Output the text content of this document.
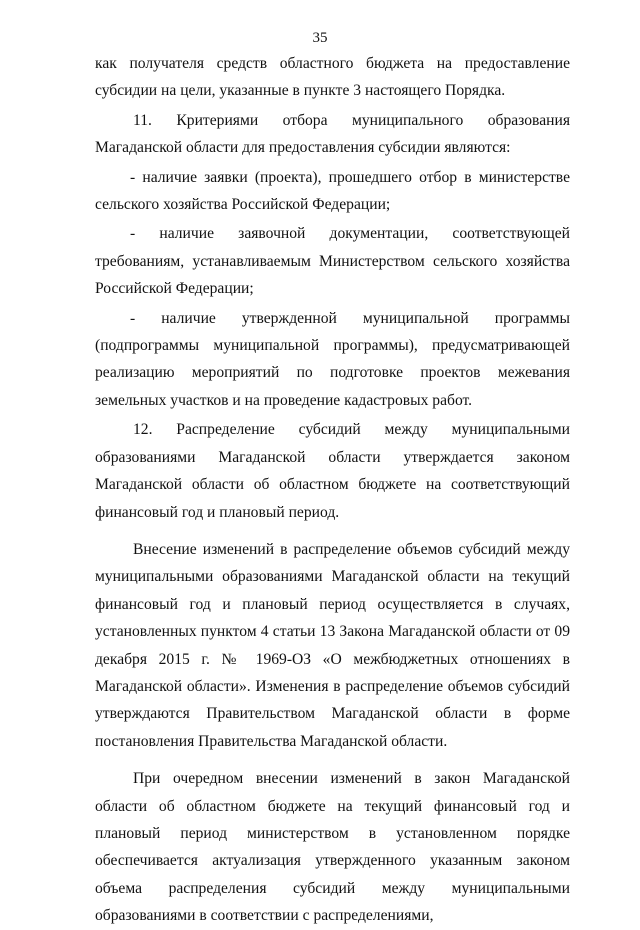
35

как получателя средств областного бюджета на предоставление субсидии на цели, указанные в пункте 3 настоящего Порядка.

11. Критериями отбора муниципального образования Магаданской области для предоставления субсидии являются:

- наличие заявки (проекта), прошедшего отбор в министерстве сельского хозяйства Российской Федерации;

- наличие заявочной документации, соответствующей требованиям, устанавливаемым Министерством сельского хозяйства Российской Федерации;

- наличие утвержденной муниципальной программы (подпрограммы муниципальной программы), предусматривающей реализацию мероприятий по подготовке проектов межевания земельных участков и на проведение кадастровых работ.

12. Распределение субсидий между муниципальными образованиями Магаданской области утверждается законом Магаданской области об областном бюджете на соответствующий финансовый год и плановый период.

Внесение изменений в распределение объемов субсидий между муниципальными образованиями Магаданской области на текущий финансовый год и плановый период осуществляется в случаях, установленных пунктом 4 статьи 13 Закона Магаданской области от 09 декабря 2015 г. № 1969-ОЗ «О межбюджетных отношениях в Магаданской области». Изменения в распределение объемов субсидий утверждаются Правительством Магаданской области в форме постановления Правительства Магаданской области.

При очередном внесении изменений в закон Магаданской области об областном бюджете на текущий финансовый год и плановый период министерством в установленном порядке обеспечивается актуализация утвержденного указанным законом объема распределения субсидий между муниципальными образованиями в соответствии с распределениями,
